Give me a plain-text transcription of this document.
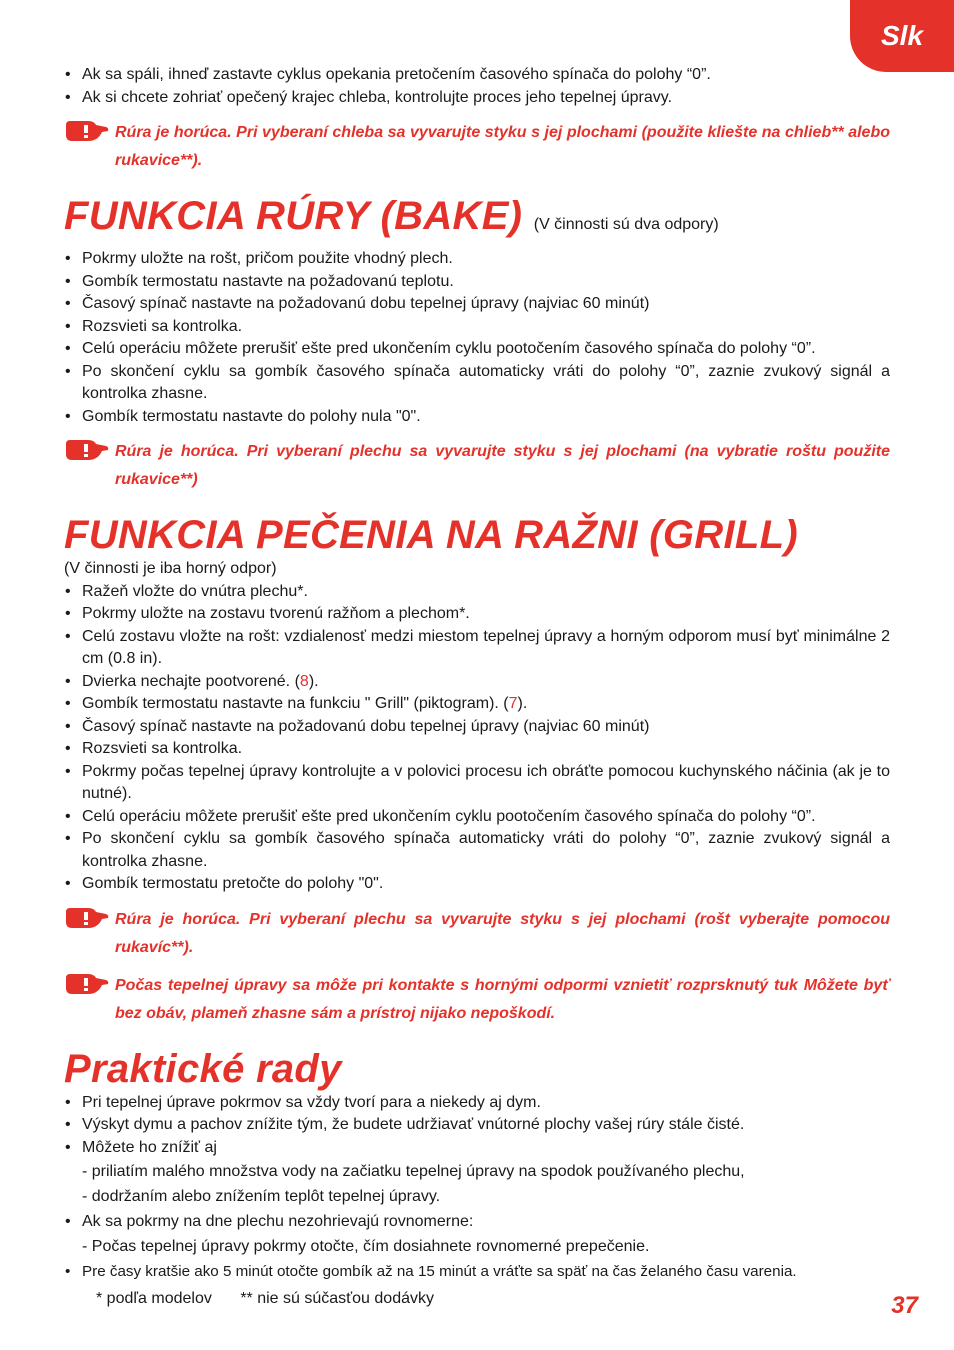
Slk
• Ak sa spáli, ihneď zastavte cyklus opekania pretočením časového spínača do polohy “0”.
• Ak si chcete zohriať opečený krajec chleba, kontrolujte proces jeho tepelnej úpravy.
Rúra je horúca. Pri vyberaní chleba sa vyvarujte styku s jej plochami (použite kliešte na chlieb** alebo rukavice**).
FUNKCIA RÚRY (BAKE) (V činnosti sú dva odpory)
• Pokrmy uložte na rošt, pričom použite vhodný plech.
• Gombík termostatu nastavte na požadovanú teplotu.
• Časový spínač nastavte na požadovanú dobu tepelnej úpravy (najviac 60 minút)
• Rozsvieti sa kontrolka.
• Celú operáciu môžete prerušiť ešte pred ukončením cyklu pootočením časového spínača do polohy “0”.
• Po skončení cyklu sa gombík časového spínača automaticky vráti do polohy “0”, zaznie zvukový signál a kontrolka zhasne.
• Gombík termostatu nastavte do polohy nula "0".
Rúra je horúca. Pri vyberaní plechu sa vyvarujte styku s jej plochami (na vybratie roštu použite rukavice**)
FUNKCIA PEČENIA NA RAŽNI (GRILL)
(V činnosti je iba horný odpor)
• Ražeň vložte do vnútra plechu*.
• Pokrmy uložte na zostavu tvorenú ražňom a plechom*.
• Celú zostavu vložte na rošt: vzdialenosť medzi miestom tepelnej úpravy a horným odporom musí byť minimálne 2 cm (0.8 in).
• Dvierka nechajte pootvorené. (8).
• Gombík termostatu nastavte na funkciu " Grill" (piktogram). (7).
• Časový spínač nastavte na požadovanú dobu tepelnej úpravy (najviac 60 minút)
• Rozsvieti sa kontrolka.
• Pokrmy počas tepelnej úpravy kontrolujte a v polovici procesu ich obráťte pomocou kuchynského náčinia (ak je to nutné).
• Celú operáciu môžete prerušiť ešte pred ukončením cyklu pootočením časového spínača do polohy “0”.
• Po skončení cyklu sa gombík časového spínača automaticky vráti do polohy “0”, zaznie zvukový signál a kontrolka zhasne.
• Gombík termostatu pretočte do polohy "0".
Rúra je horúca. Pri vyberaní plechu sa vyvarujte styku s jej plochami (rošt vyberajte pomocou rukavíc**).
Počas tepelnej úpravy sa môže pri kontakte s hornými odpormi vznietiť rozprsknutý tuk Môžete byť bez obáv, plameň zhasne sám a prístroj nijako nepoškodí.
Praktické rady
• Pri tepelnej úprave pokrmov sa vždy tvorí para a niekedy aj dym.
• Výskyt dymu a pachov znížite tým, že budete udržiavať vnútorné plochy vašej rúry stále čisté.
• Môžete ho znížiť aj
- priliatím malého množstva vody na začiatku tepelnej úpravy na spodok používaného plechu,
- dodržaním alebo znížením teplôt tepelnej úpravy.
• Ak sa pokrmy na dne plechu nezohrievajú rovnomerne:
- Počas tepelnej úpravy pokrmy otočte, čím dosiahnete rovnomerné prepečenie.
• Pre časy kratšie ako 5 minút otočte gombík až na 15 minút a vráťte sa späť na čas želaného času varenia.
* podľa modelov ** nie sú súčasťou dodávky	37
